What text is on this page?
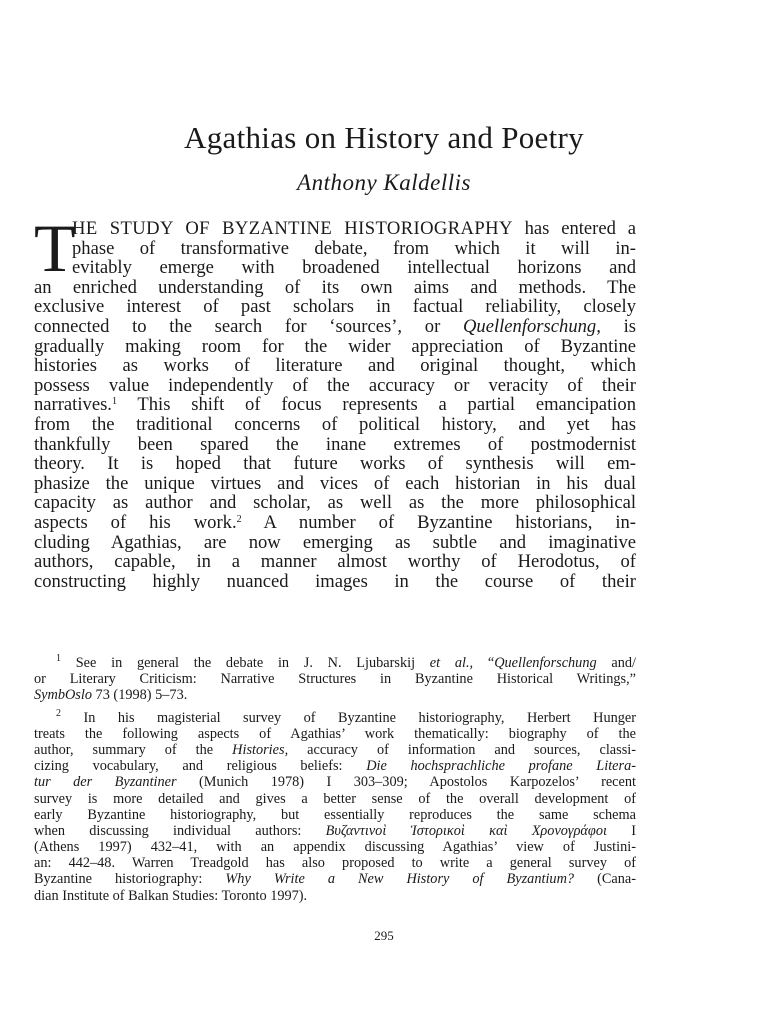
Agathias on History and Poetry
Anthony Kaldellis
T
HE STUDY OF BYZANTINE HISTORIOGRAPHY has entered a
phase of transformative debate, from which it will in-
evitably emerge with broadened intellectual horizons and
an enriched understanding of its own aims and methods. The
exclusive interest of past scholars in factual reliability, closely
connected to the search for ‘sources’, or Quellenforschung, is
gradually making room for the wider appreciation of Byzantine
histories as works of literature and original thought, which
possess value independently of the accuracy or veracity of their
narratives.$^1$ This shift of focus represents a partial emancipation
from the traditional concerns of political history, and yet has
thankfully been spared the inane extremes of postmodernist
theory. It is hoped that future works of synthesis will em-
phasize the unique virtues and vices of each historian in his dual
capacity as author and scholar, as well as the more philosophical
aspects of his work.$^2$ A number of Byzantine historians, in-
cluding Agathias, are now emerging as subtle and imaginative
authors, capable, in a manner almost worthy of Herodotus, of
constructing highly nuanced images in the course of their
$^1$ See in general the debate in J. N. Ljubarskij et al., “Quellenforschung and/
or Literary Criticism: Narrative Structures in Byzantine Historical Writings,”
SymbOslo 73 (1998) 5–73.
$^2$ In his magisterial survey of Byzantine historiography, Herbert Hunger
treats the following aspects of Agathias’ work thematically: biography of the
author, summary of the Histories, accuracy of information and sources, classi-
cizing vocabulary, and religious beliefs: Die hochsprachliche profane Litera-
tur der Byzantiner (Munich 1978) I 303–309; Apostolos Karpozelos’ recent
survey is more detailed and gives a better sense of the overall development of
early Byzantine historiography, but essentially reproduces the same schema
when discussing individual authors: Βυζαντινοὶ Ἱστορικοὶ καὶ Χρονογράφοι I
(Athens 1997) 432–41, with an appendix discussing Agathias’ view of Justini-
an: 442–48. Warren Treadgold has also proposed to write a general survey of
Byzantine historiography: Why Write a New History of Byzantium? (Cana-
dian Institute of Balkan Studies: Toronto 1997).
295
